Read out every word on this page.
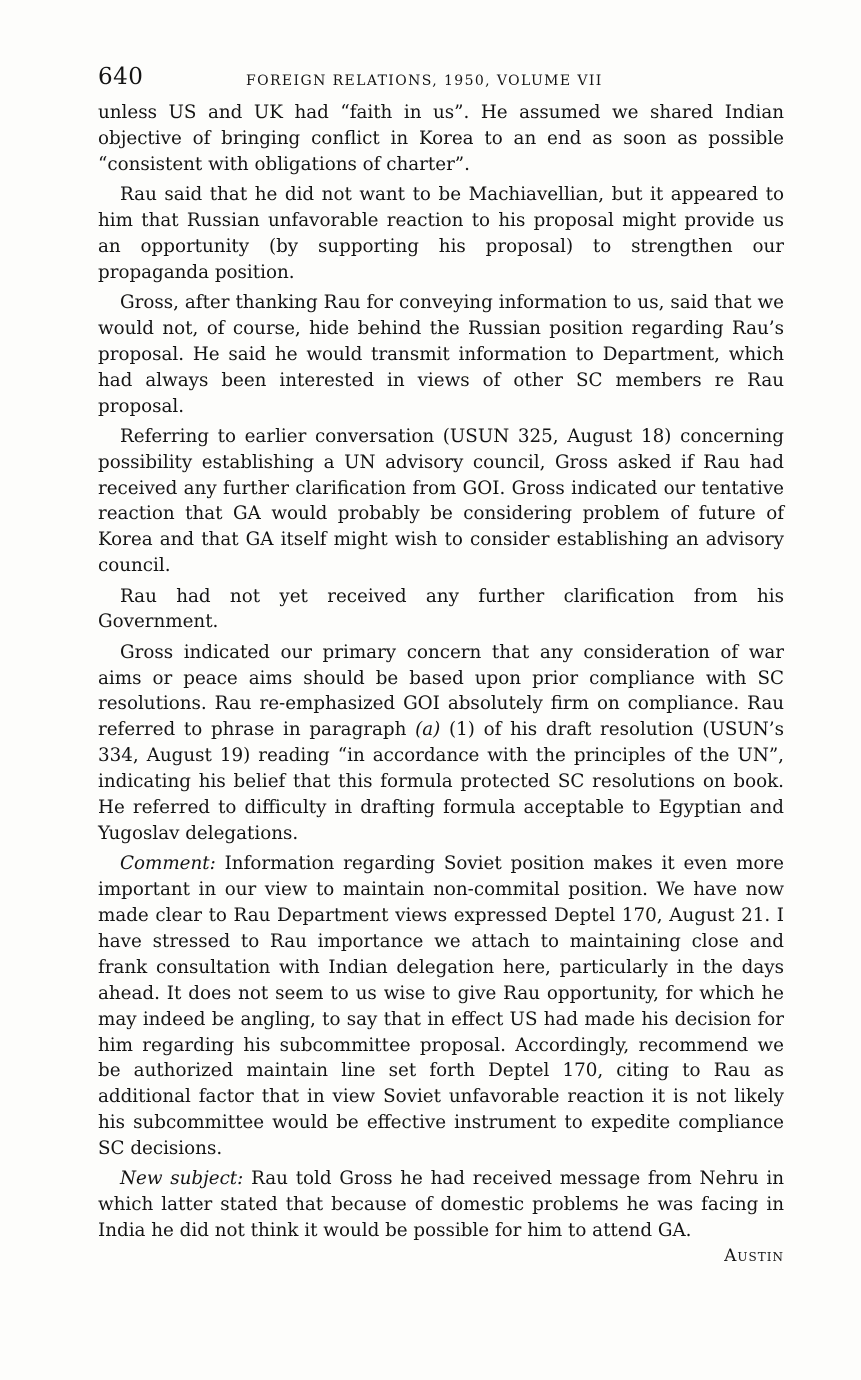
640	FOREIGN RELATIONS, 1950, VOLUME VII

unless US and UK had “faith in us”. He assumed we shared Indian objective of bringing conflict in Korea to an end as soon as possible “consistent with obligations of charter”.

Rau said that he did not want to be Machiavellian, but it appeared to him that Russian unfavorable reaction to his proposal might provide us an opportunity (by supporting his proposal) to strengthen our propaganda position.

Gross, after thanking Rau for conveying information to us, said that we would not, of course, hide behind the Russian position regarding Rau’s proposal. He said he would transmit information to Department, which had always been interested in views of other SC members re Rau proposal.

Referring to earlier conversation (USUN 325, August 18) concerning possibility establishing a UN advisory council, Gross asked if Rau had received any further clarification from GOI. Gross indicated our tentative reaction that GA would probably be considering problem of future of Korea and that GA itself might wish to consider establishing an advisory council.

Rau had not yet received any further clarification from his Government.

Gross indicated our primary concern that any consideration of war aims or peace aims should be based upon prior compliance with SC resolutions. Rau re-emphasized GOI absolutely firm on compliance. Rau referred to phrase in paragraph (a) (1) of his draft resolution (USUN’s 334, August 19) reading “in accordance with the principles of the UN”, indicating his belief that this formula protected SC resolutions on book. He referred to difficulty in drafting formula acceptable to Egyptian and Yugoslav delegations.

Comment: Information regarding Soviet position makes it even more important in our view to maintain non-commital position. We have now made clear to Rau Department views expressed Deptel 170, August 21. I have stressed to Rau importance we attach to maintaining close and frank consultation with Indian delegation here, particularly in the days ahead. It does not seem to us wise to give Rau opportunity, for which he may indeed be angling, to say that in effect US had made his decision for him regarding his subcommittee proposal. Accordingly, recommend we be authorized maintain line set forth Deptel 170, citing to Rau as additional factor that in view Soviet unfavorable reaction it is not likely his subcommittee would be effective instrument to expedite compliance SC decisions.

New subject: Rau told Gross he had received message from Nehru in which latter stated that because of domestic problems he was facing in India he did not think it would be possible for him to attend GA.

Austin
